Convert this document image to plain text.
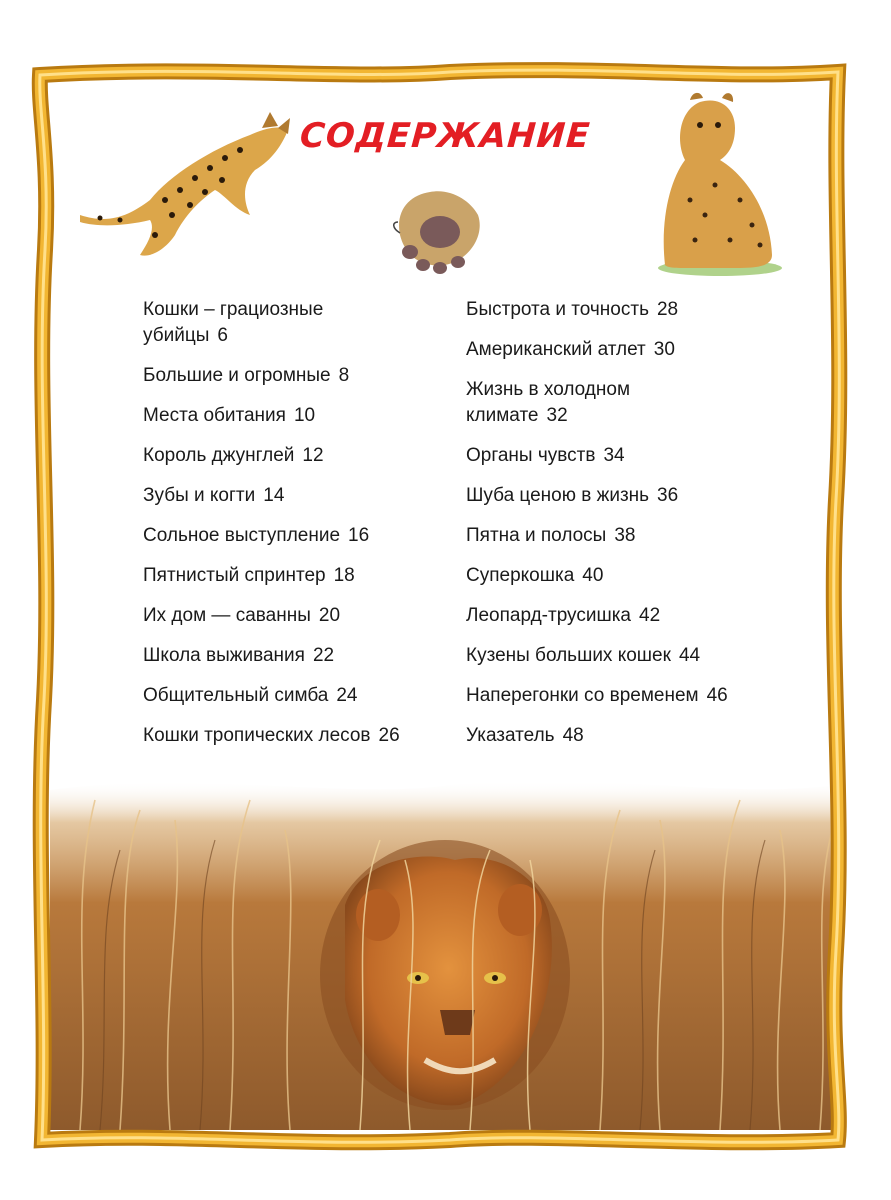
СОДЕРЖАНИЕ
Кошки – грациозные убийцы 6
Большие и огромные 8
Места обитания 10
Король джунглей 12
Зубы и когти 14
Сольное выступление 16
Пятнистый спринтер 18
Их дом — саванны 20
Школа выживания 22
Общительный симба 24
Кошки тропических лесов 26
Быстрота и точность 28
Американский атлет 30
Жизнь в холодном климате 32
Органы чувств 34
Шуба ценою в жизнь 36
Пятна и полосы 38
Суперкошка 40
Леопард-трусишка 42
Кузены больших кошек 44
Наперегонки со временем 46
Указатель 48
